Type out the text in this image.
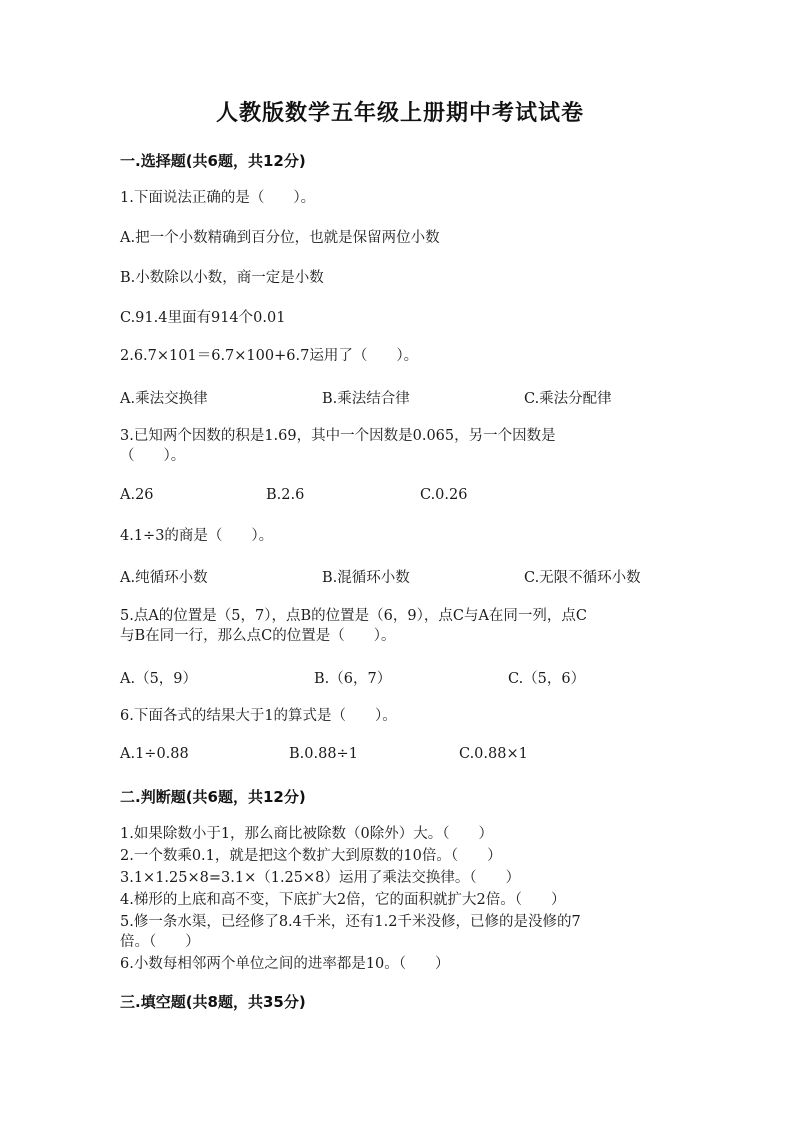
人教版数学五年级上册期中考试试卷
一.选择题(共6题，共12分)
1.下面说法正确的是（　　）。
A.把一个小数精确到百分位，也就是保留两位小数
B.小数除以小数，商一定是小数
C.91.4里面有914个0.01
2.6.7×101＝6.7×100+6.7运用了（　　）。
A.乘法交换律	B.乘法结合律	C.乘法分配律
3.已知两个因数的积是1.69，其中一个因数是0.065，另一个因数是
（　　）。
A.26	B.2.6	C.0.26
4.1÷3的商是（　　）。
A.纯循环小数	B.混循环小数	C.无限不循环小数
5.点A的位置是（5，7），点B的位置是（6，9），点C与A在同一列，点C
与B在同一行，那么点C的位置是（　　）。
A.（5，9）	B.（6，7）	C.（5，6）
6.下面各式的结果大于1的算式是（　　）。
A.1÷0.88	B.0.88÷1	C.0.88×1
二.判断题(共6题，共12分)
1.如果除数小于1，那么商比被除数（0除外）大。（　　）
2.一个数乘0.1，就是把这个数扩大到原数的10倍。（　　）
3.1×1.25×8=3.1×（1.25×8）运用了乘法交换律。（　　）
4.梯形的上底和高不变，下底扩大2倍，它的面积就扩大2倍。（　　）
5.修一条水渠，已经修了8.4千米，还有1.2千米没修，已修的是没修的7
倍。（　　）
6.小数每相邻两个单位之间的进率都是10。（　　）
三.填空题(共8题，共35分)
